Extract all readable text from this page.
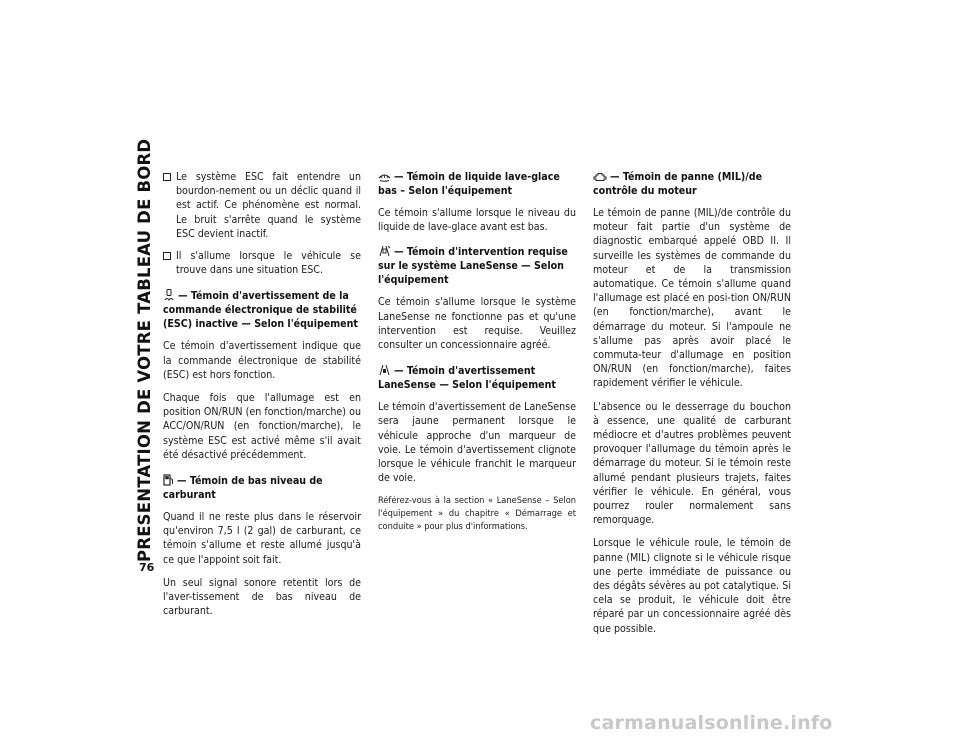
PRESENTATION DE VOTRE TABLEAU DE BORD
76
Le système ESC fait entendre un bourdon-nement ou un déclic quand il est actif. Ce phénomène est normal. Le bruit s'arrête quand le système ESC devient inactif.
Il s'allume lorsque le véhicule se trouve dans une situation ESC.
— Témoin d'avertissement de la commande électronique de stabilité (ESC) inactive — Selon l'équipement

Ce témoin d'avertissement indique que la commande électronique de stabilité (ESC) est hors fonction.

Chaque fois que l'allumage est en position ON/RUN (en fonction/marche) ou ACC/ON/RUN (en fonction/marche), le système ESC est activé même s'il avait été désactivé précédemment.

— Témoin de bas niveau de carburant

Quand il ne reste plus dans le réservoir qu'environ 7,5 l (2 gal) de carburant, ce témoin s'allume et reste allumé jusqu'à ce que l'appoint soit fait.

Un seul signal sonore retentit lors de l'aver-tissement de bas niveau de carburant.

— Témoin de liquide lave-glace bas – Selon l'équipement

Ce témoin s'allume lorsque le niveau du liquide de lave-glace avant est bas.

— Témoin d'intervention requise sur le système LaneSense — Selon l'équipement

Ce témoin s'allume lorsque le système LaneSense ne fonctionne pas et qu'une intervention est requise. Veuillez consulter un concessionnaire agréé.

— Témoin d'avertissement LaneSense — Selon l'équipement

Le témoin d'avertissement de LaneSense sera jaune permanent lorsque le véhicule approche d'un marqueur de voie. Le témoin d'avertissement clignote lorsque le véhicule franchit le marqueur de voie.

Référez-vous à la section « LaneSense – Selon l'équipement » du chapitre « Démarrage et conduite » pour plus d'informations.

— Témoin de panne (MIL)/de contrôle du moteur

Le témoin de panne (MIL)/de contrôle du moteur fait partie d'un système de diagnostic embarqué appelé OBD II. Il surveille les systèmes de commande du moteur et de la transmission automatique. Ce témoin s'allume quand l'allumage est placé en posi-tion ON/RUN (en fonction/marche), avant le démarrage du moteur. Si l'ampoule ne s'allume pas après avoir placé le commuta-teur d'allumage en position ON/RUN (en fonction/marche), faites rapidement vérifier le véhicule.

L'absence ou le desserrage du bouchon à essence, une qualité de carburant médiocre et d'autres problèmes peuvent provoquer l'allumage du témoin après le démarrage du moteur. Si le témoin reste allumé pendant plusieurs trajets, faites vérifier le véhicule. En général, vous pourrez rouler normalement sans remorquage.

Lorsque le véhicule roule, le témoin de panne (MIL) clignote si le véhicule risque une perte immédiate de puissance ou des dégâts sévères au pot catalytique. Si cela se produit, le véhicule doit être réparé par un concessionnaire agréé dès que possible.

carmanualsonline.info
